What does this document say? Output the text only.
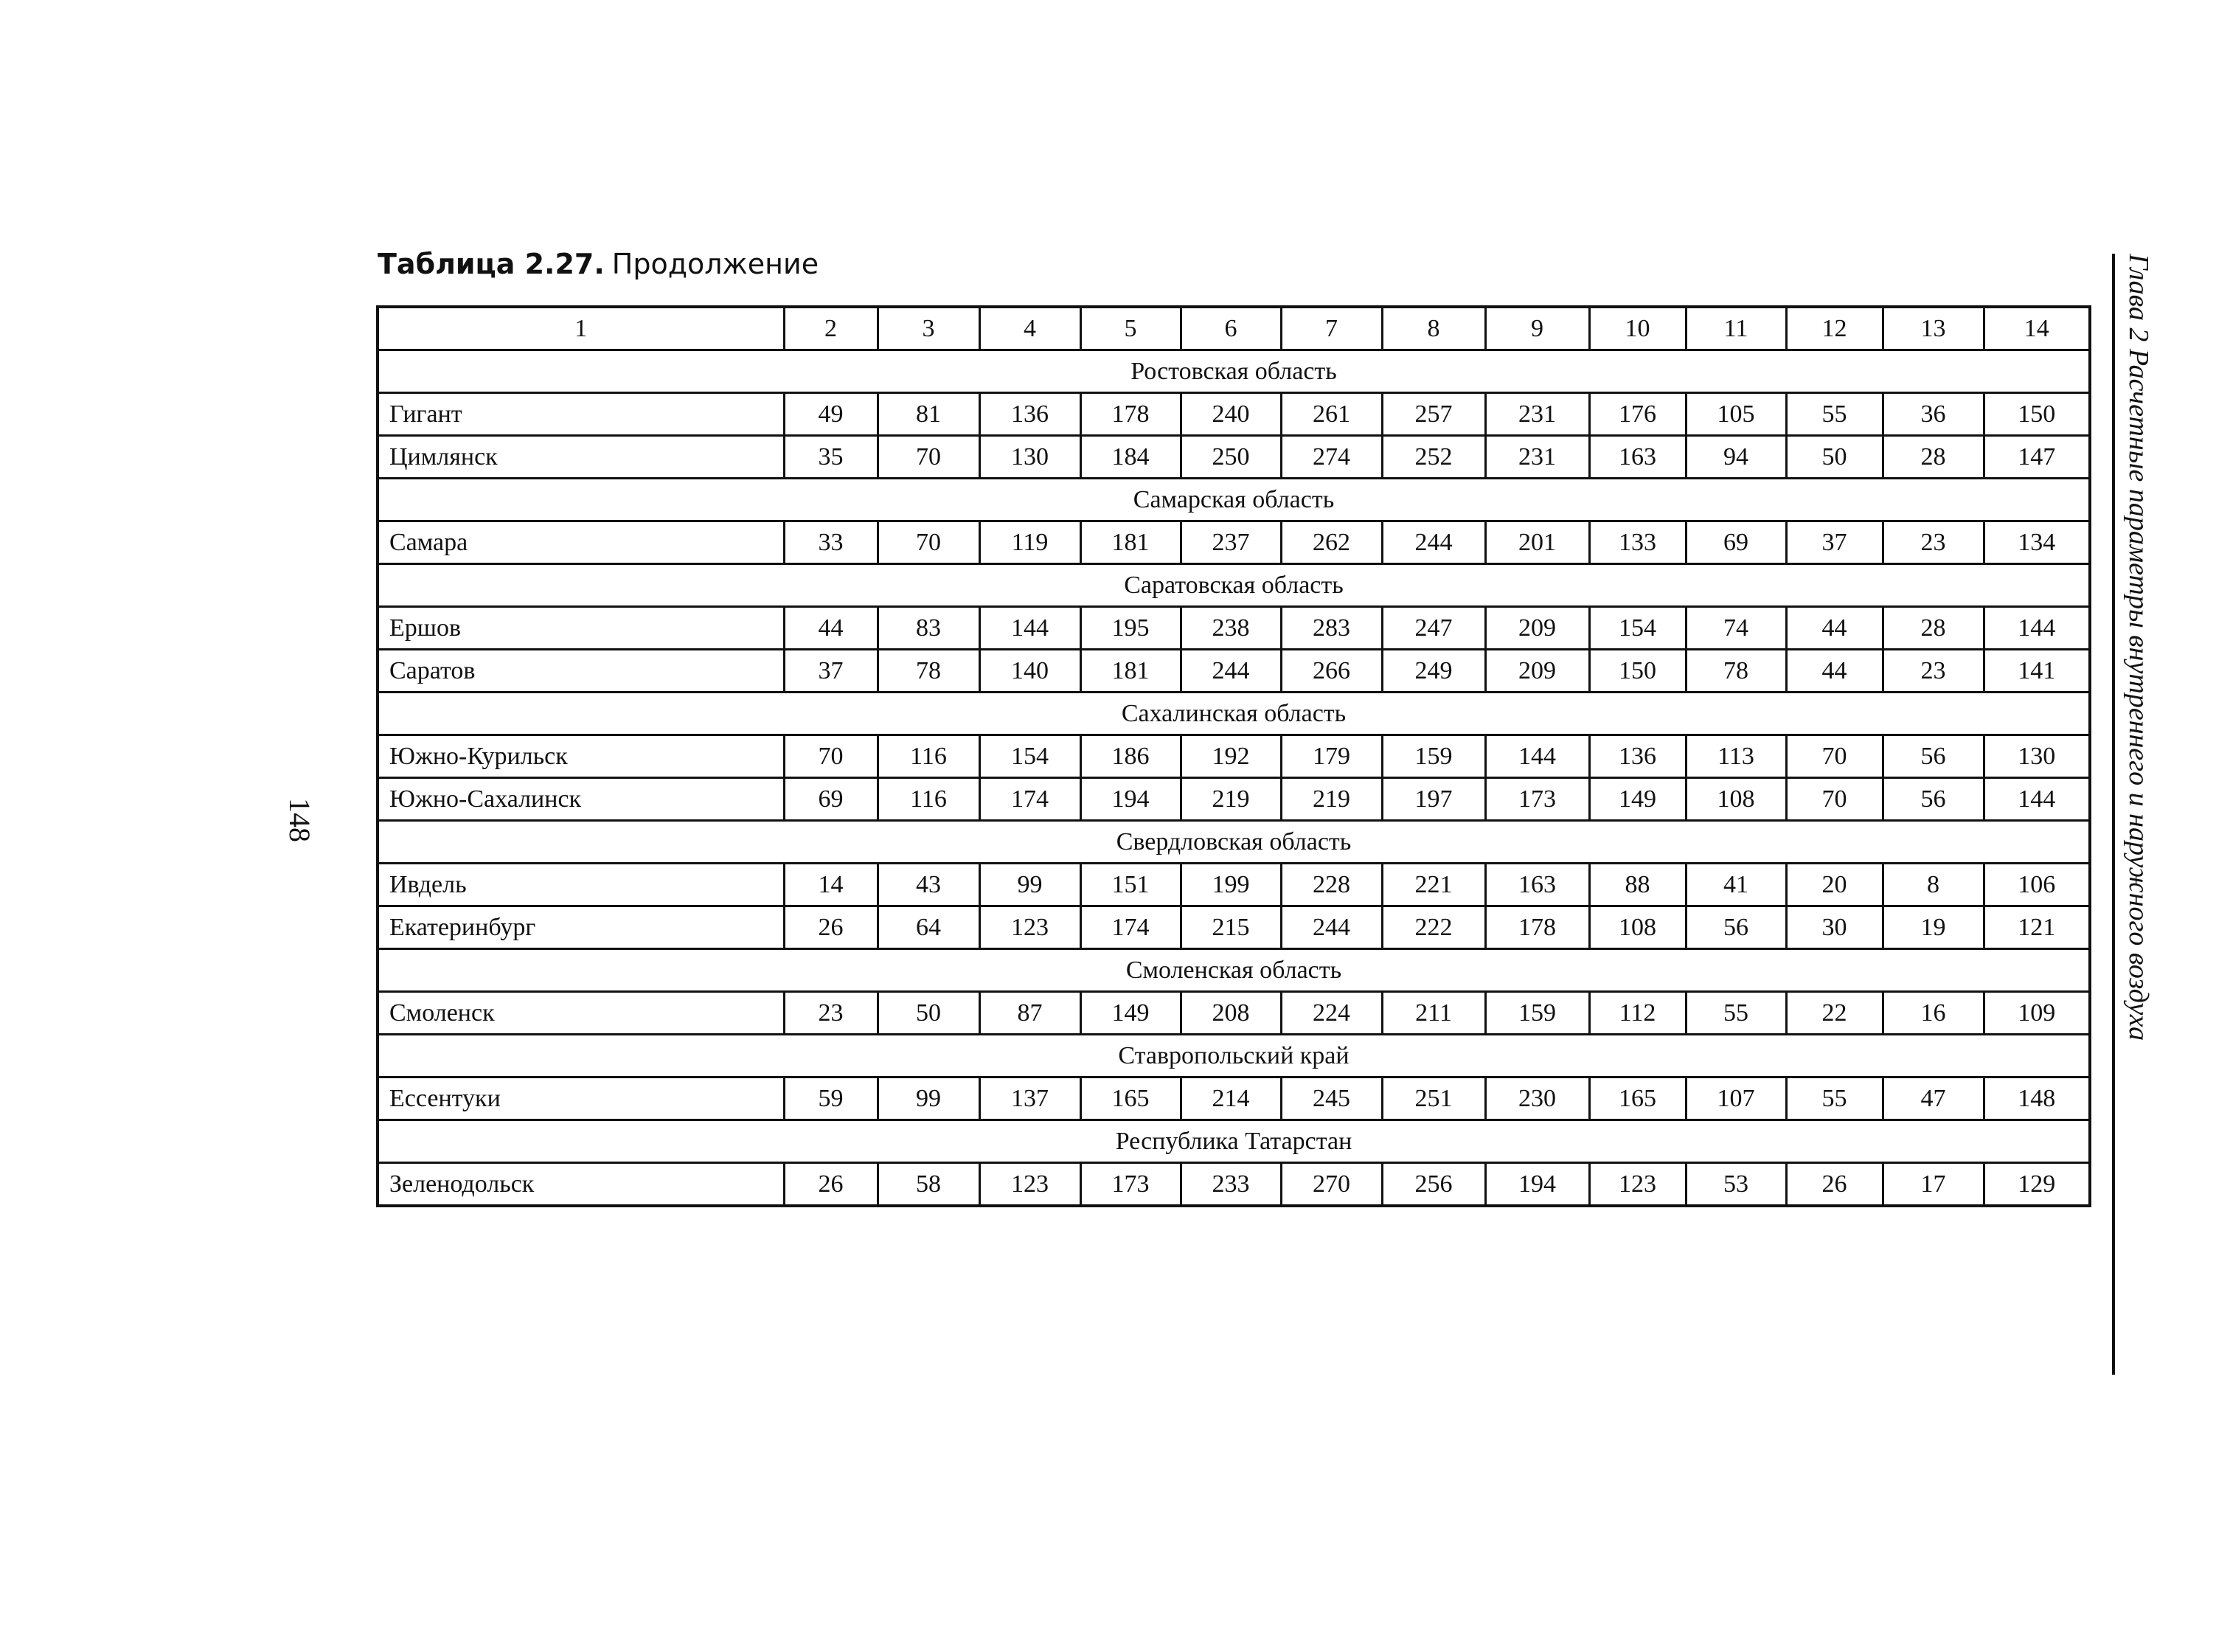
Таблица 2.27. Продолжение
148	Глава 2 Расчетные параметры внутреннего и наружного воздуха
1	2	3	4	5	6	7	8	9	10	11	12	13	14
Ростовская область													
Гигант	49	81	136	178	240	261	257	231	176	105	55	36	150
Цимлянск	35	70	130	184	250	274	252	231	163	94	50	28	147
Самарская область													
Самара	33	70	119	181	237	262	244	201	133	69	37	23	134
Саратовская область													
Ершов	44	83	144	195	238	283	247	209	154	74	44	28	144
Саратов	37	78	140	181	244	266	249	209	150	78	44	23	141
Сахалинская область													
Южно-Курильск	70	116	154	186	192	179	159	144	136	113	70	56	130
Южно-Сахалинск	69	116	174	194	219	219	197	173	149	108	70	56	144
Свердловская область													
Ивдель	14	43	99	151	199	228	221	163	88	41	20	8	106
Екатеринбург	26	64	123	174	215	244	222	178	108	56	30	19	121
Смоленская область													
Смоленск	23	50	87	149	208	224	211	159	112	55	22	16	109
Ставропольский край													
Ессентуки	59	99	137	165	214	245	251	230	165	107	55	47	148
Республика Татарстан													
Зеленодольск	26	58	123	173	233	270	256	194	123	53	26	17	129
